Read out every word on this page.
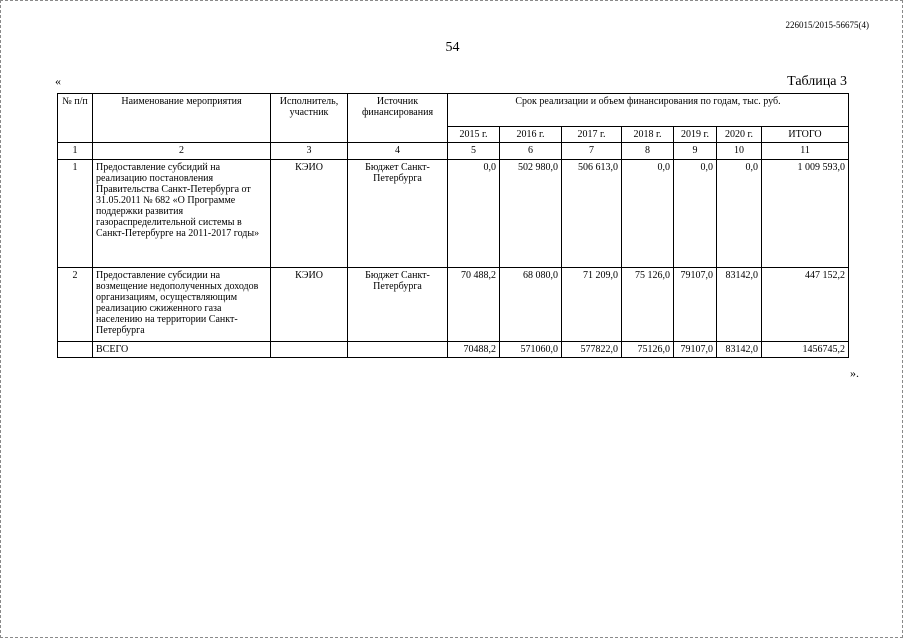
226015/2015-56675(4)
54
«	Таблица 3
№ п/п	Наименование мероприятия	Исполнитель, участник	Источник финансирования	Срок реализации и объем финансирования по годам, тыс. руб.						
				2015 г.	2016 г.	2017 г.	2018 г.	2019 г.	2020 г.	ИТОГО
1	2	3	4	5	6	7	8	9	10	11
1	Предоставление субсидий на реализацию постановления Правительства Санкт-Петербурга от 31.05.2011 № 682 «О Программе поддержки развития газораспределительной системы в Санкт-Петербурге на 2011-2017 годы»	КЭИО	Бюджет Санкт-Петербурга	0,0	502 980,0	506 613,0	0,0	0,0	0,0	1 009 593,0
2	Предоставление субсидии на возмещение недополученных доходов организациям, осуществляющим реализацию сжиженного газа населению на территории Санкт-Петербурга	КЭИО	Бюджет Санкт-Петербурга	70 488,2	68 080,0	71 209,0	75 126,0	79107,0	83142,0	447 152,2
	ВСЕГО			70488,2	571060,0	577822,0	75126,0	79107,0	83142,0	1456745,2
».
